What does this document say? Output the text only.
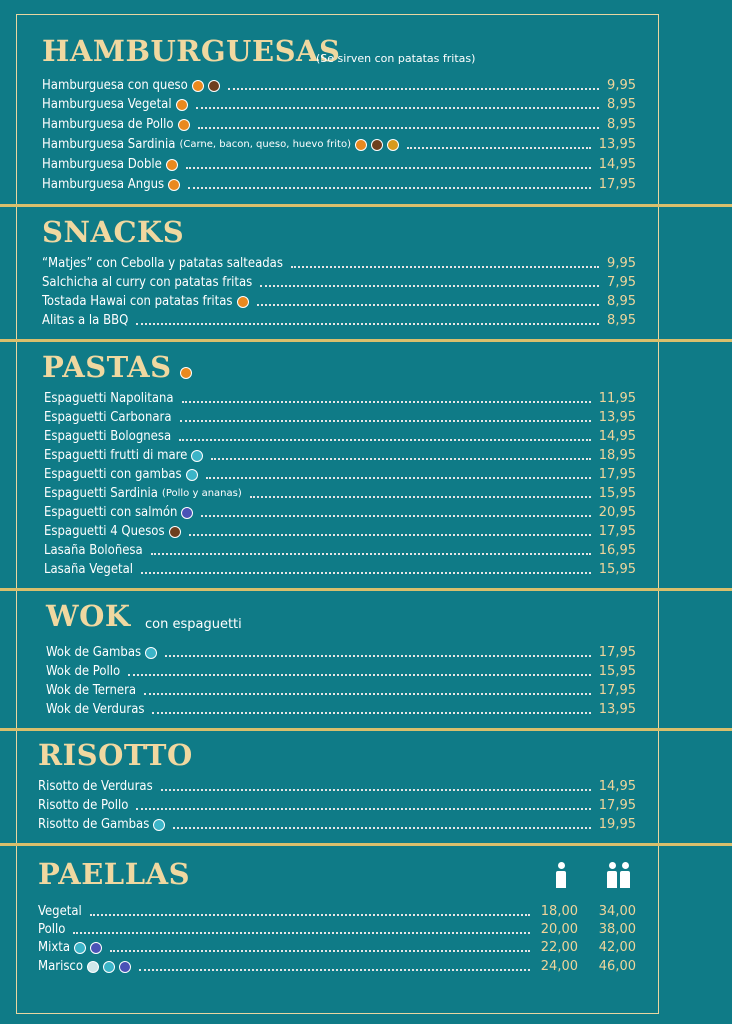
HAMBURGUESAS
(Se sirven con patatas fritas)
Hamburguesa con queso	9,95
Hamburguesa Vegetal	8,95
Hamburguesa de Pollo	8,95
Hamburguesa Sardinia (Carne, bacon, queso, huevo frito)	13,95
Hamburguesa Doble	14,95
Hamburguesa Angus	17,95
SNACKS
“Matjes” con Cebolla y patatas salteadas	9,95
Salchicha al curry con patatas fritas	7,95
Tostada Hawai con patatas fritas	8,95
Alitas a la BBQ	8,95
PASTAS
Espaguetti Napolitana	11,95
Espaguetti Carbonara	13,95
Espaguetti Bolognesa	14,95
Espaguetti frutti di mare	18,95
Espaguetti con gambas	17,95
Espaguetti Sardinia (Pollo y ananas)	15,95
Espaguetti con salmón	20,95
Espaguetti 4 Quesos	17,95
Lasaña Boloñesa	16,95
Lasaña Vegetal	15,95
WOK con espaguetti
Wok de Gambas	17,95
Wok de Pollo	15,95
Wok de Ternera	17,95
Wok de Verduras	13,95
RISOTTO
Risotto de Verduras	14,95
Risotto de Pollo	17,95
Risotto de Gambas	19,95
PAELLAS
Vegetal	18,00	34,00
Pollo	20,00	38,00
Mixta	22,00	42,00
Marisco	24,00	46,00
